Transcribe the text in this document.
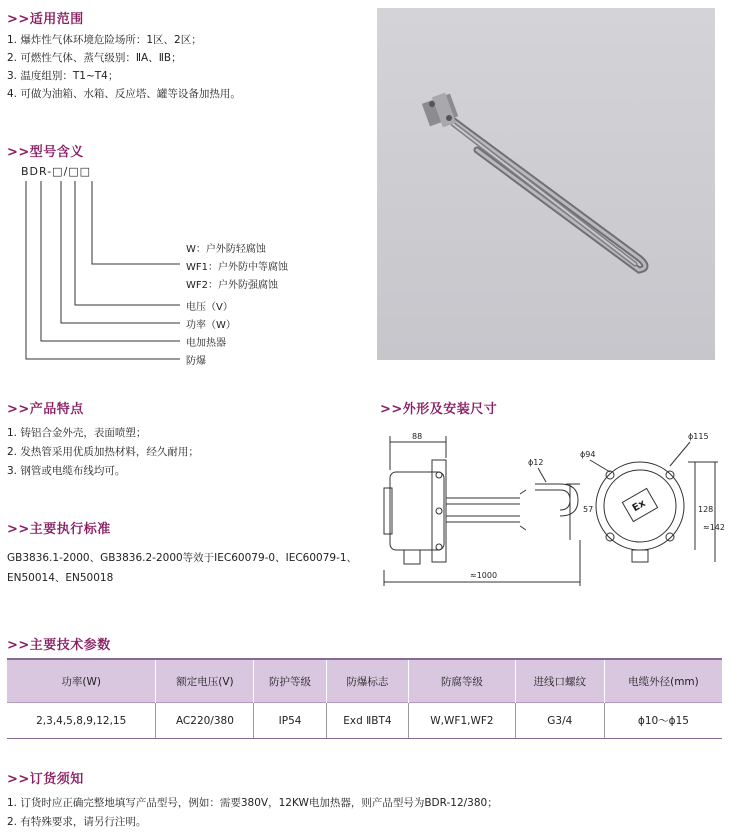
>>适用范围
1. 爆炸性气体环境危险场所：1区、2区；
2. 可燃性气体、蒸气级别：ⅡA、ⅡB；
3. 温度组别：T1~T4；
4. 可做为油箱、水箱、反应塔、罐等设备加热用。
>>型号含义
BDR-□/□□
W：户外防轻腐蚀
WF1：户外防中等腐蚀
WF2：户外防强腐蚀
电压（V）
功率（W）
电加热器
防爆
>>产品特点
1. 铸铝合金外壳，表面喷塑；
2. 发热管采用优质加热材料，经久耐用；
3. 钢管或电缆布线均可。
>>主要执行标准
GB3836.1-2000、GB3836.2-2000等效于IEC60079-0、IEC60079-1、
EN50014、EN50018
>>外形及安装尺寸
88
ϕ12
57
≈1000
ϕ94
ϕ115
128
≈142
Ex
>>主要技术参数
功率(W)	额定电压(V)	防护等级	防爆标志	防腐等级	进线口螺纹	电缆外径(mm)
2,3,4,5,8,9,12,15	AC220/380	IP54	Exd ⅡBT4	W,WF1,WF2	G3/4	ϕ10～ϕ15
>>订货须知
1. 订货时应正确完整地填写产品型号，例如：需要380V，12KW电加热器，则产品型号为BDR-12/380；
2. 有特殊要求，请另行注明。
